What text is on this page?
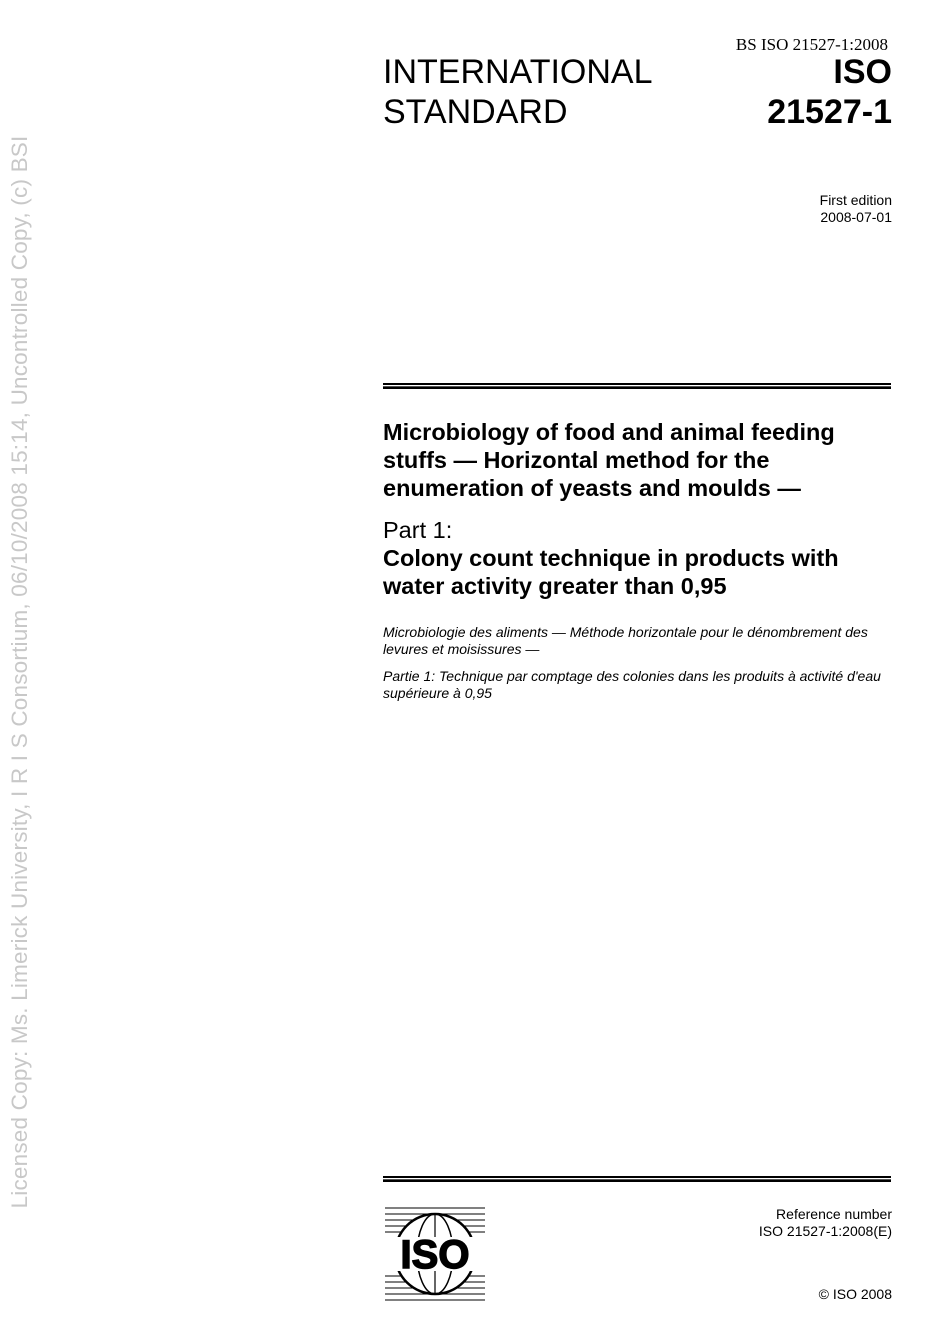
Licensed Copy: Ms. Limerick University, I R I S Consortium, 06/10/2008 15:14, Uncontrolled Copy, (c) BSI
BS ISO 21527-1:2008
INTERNATIONAL
STANDARD
ISO
21527-1
First edition
2008-07-01

Microbiology of food and animal feeding stuffs — Horizontal method for the enumeration of yeasts and moulds —

Part 1:

Colony count technique in products with water activity greater than 0,95

Microbiologie des aliments — Méthode horizontale pour le dénombrement des levures et moisissures —

Partie 1: Technique par comptage des colonies dans les produits à activité d'eau supérieure à 0,95

ISO
Reference number
ISO 21527-1:2008(E)
© ISO 2008
